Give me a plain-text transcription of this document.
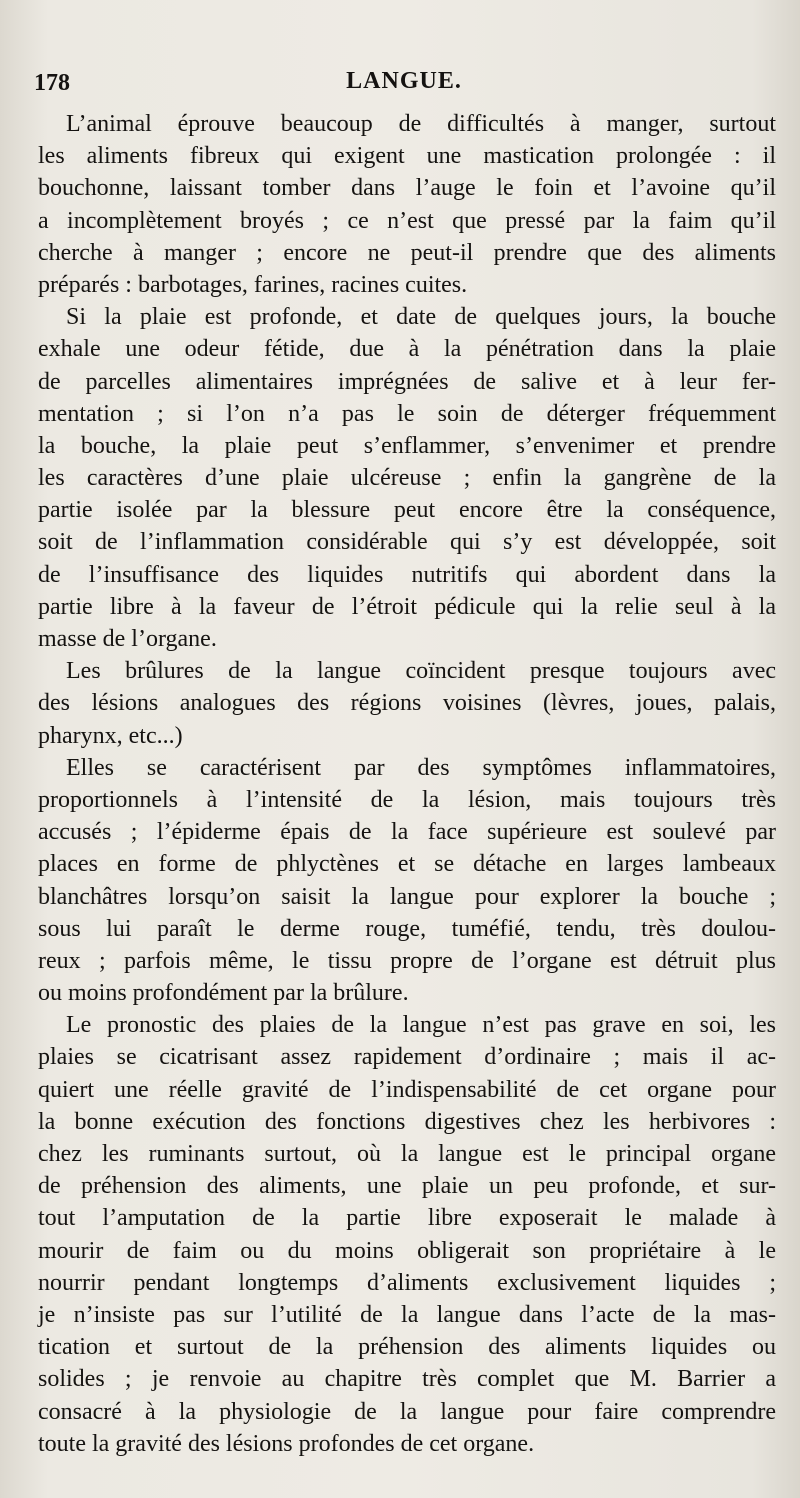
178	LANGUE.
L’animal éprouve beaucoup de difficultés à manger, surtout
les aliments fibreux qui exigent une mastication prolongée : il
bouchonne, laissant tomber dans l’auge le foin et l’avoine qu’il
a incomplètement broyés ; ce n’est que pressé par la faim qu’il
cherche à manger ; encore ne peut-il prendre que des aliments
préparés : barbotages, farines, racines cuites.
Si la plaie est profonde, et date de quelques jours, la bouche
exhale une odeur fétide, due à la pénétration dans la plaie
de parcelles alimentaires imprégnées de salive et à leur fer-
mentation ; si l’on n’a pas le soin de déterger fréquemment
la bouche, la plaie peut s’enflammer, s’envenimer et prendre
les caractères d’une plaie ulcéreuse ; enfin la gangrène de la
partie isolée par la blessure peut encore être la conséquence,
soit de l’inflammation considérable qui s’y est développée, soit
de l’insuffisance des liquides nutritifs qui abordent dans la
partie libre à la faveur de l’étroit pédicule qui la relie seul à la
masse de l’organe.
Les brûlures de la langue coïncident presque toujours avec
des lésions analogues des régions voisines (lèvres, joues, palais,
pharynx, etc...)
Elles se caractérisent par des symptômes inflammatoires,
proportionnels à l’intensité de la lésion, mais toujours très
accusés ; l’épiderme épais de la face supérieure est soulevé par
places en forme de phlyctènes et se détache en larges lambeaux
blanchâtres lorsqu’on saisit la langue pour explorer la bouche ;
sous lui paraît le derme rouge, tuméfié, tendu, très doulou-
reux ; parfois même, le tissu propre de l’organe est détruit plus
ou moins profondément par la brûlure.
Le pronostic des plaies de la langue n’est pas grave en soi, les
plaies se cicatrisant assez rapidement d’ordinaire ; mais il ac-
quiert une réelle gravité de l’indispensabilité de cet organe pour
la bonne exécution des fonctions digestives chez les herbivores :
chez les ruminants surtout, où la langue est le principal organe
de préhension des aliments, une plaie un peu profonde, et sur-
tout l’amputation de la partie libre exposerait le malade à
mourir de faim ou du moins obligerait son propriétaire à le
nourrir pendant longtemps d’aliments exclusivement liquides ;
je n’insiste pas sur l’utilité de la langue dans l’acte de la mas-
tication et surtout de la préhension des aliments liquides ou
solides ; je renvoie au chapitre très complet que M. Barrier a
consacré à la physiologie de la langue pour faire comprendre
toute la gravité des lésions profondes de cet organe.
